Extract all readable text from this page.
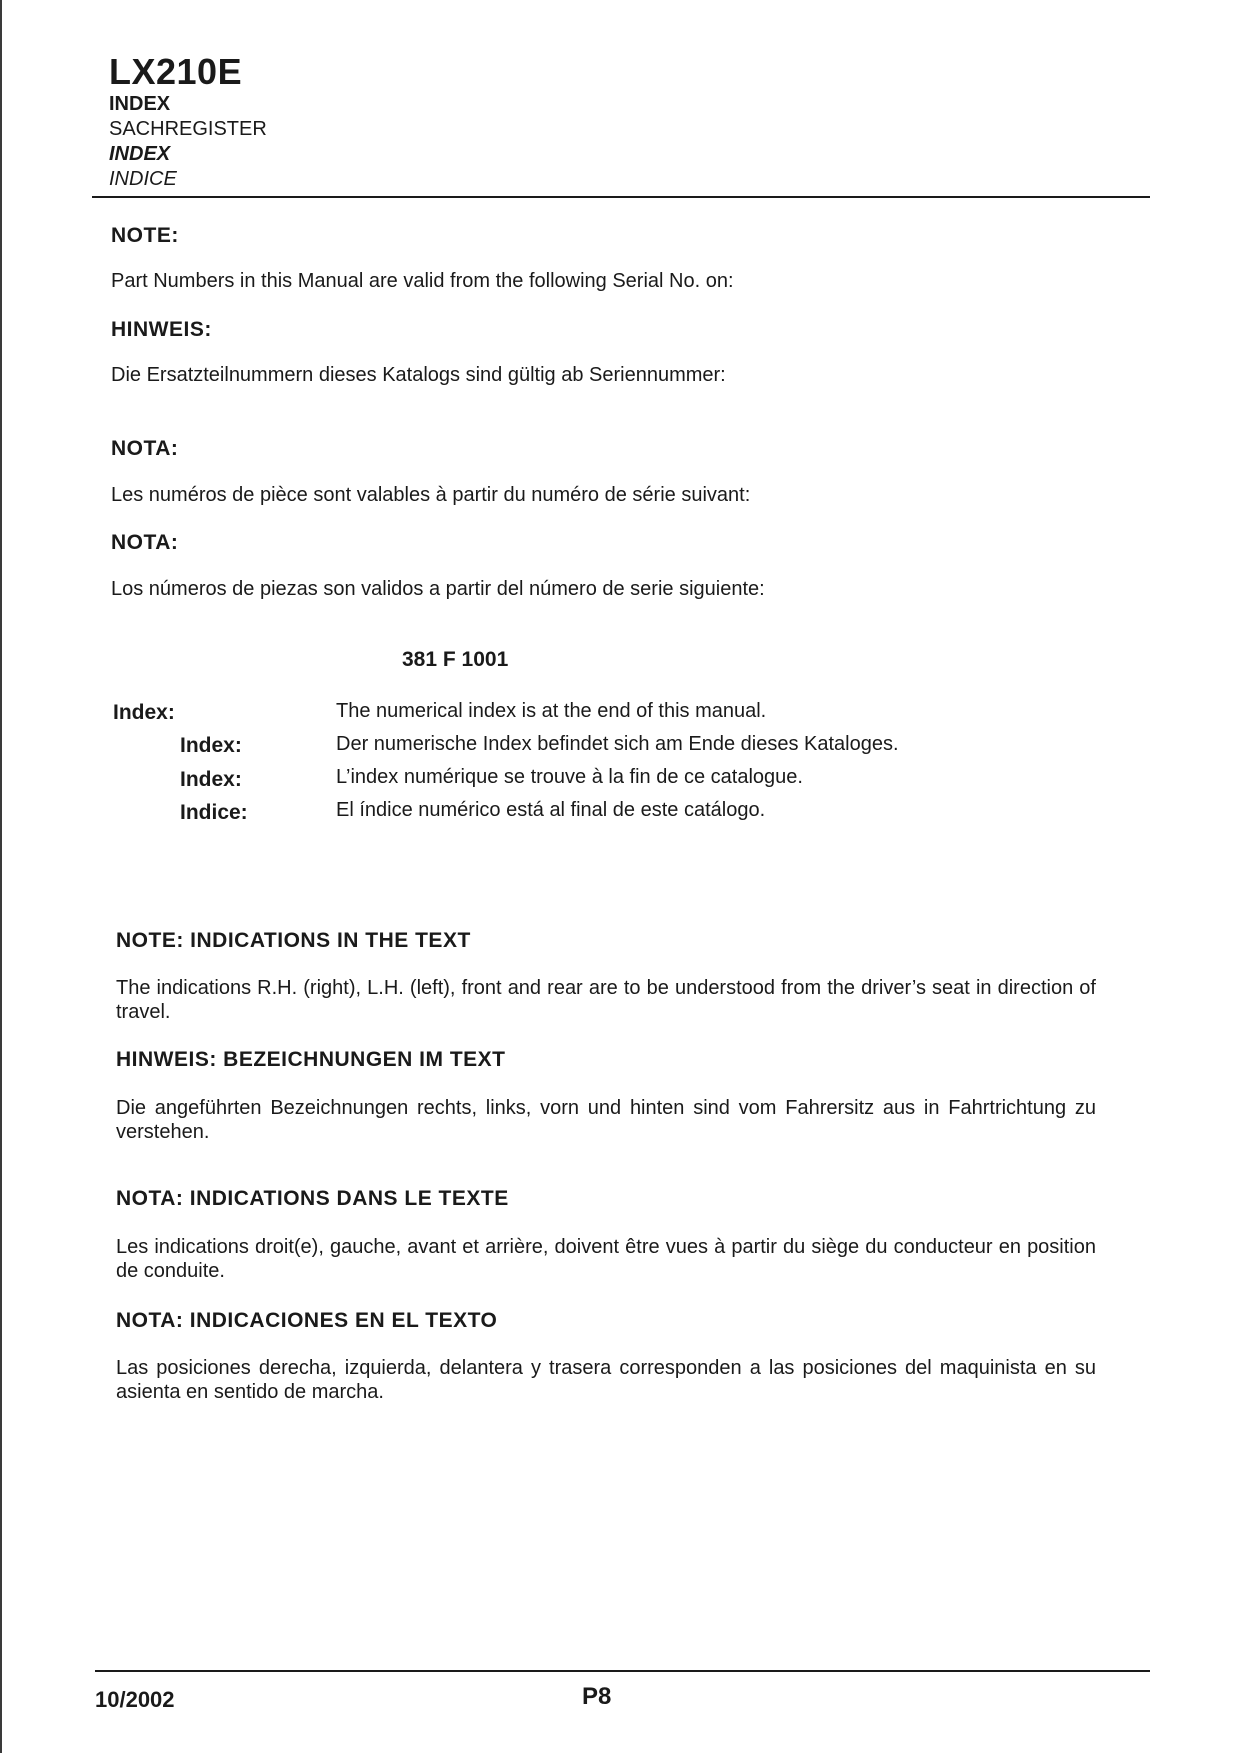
LX210E
INDEX
SACHREGISTER
INDEX
INDICE
NOTE:
Part Numbers in this Manual are valid from the following Serial No. on:
HINWEIS:
Die Ersatzteilnummern dieses Katalogs sind gültig ab Seriennummer:
NOTA:
Les numéros de pièce sont valables à partir du numéro de série suivant:
NOTA:
Los números de piezas son validos a partir del número de serie siguiente:
381 F 1001
Index:	The numerical index is at the end of this manual.
Index:	Der numerische Index befindet sich am Ende dieses Kataloges.
Index:	L’index numérique se trouve à la fin de ce catalogue.
Indice:	El índice numérico está al final de este catálogo.
NOTE: INDICATIONS IN THE TEXT
The indications R.H. (right), L.H. (left), front and rear are to be understood from the driver’s seat in direction of travel.
HINWEIS: BEZEICHNUNGEN IM TEXT
Die angeführten Bezeichnungen rechts, links, vorn und hinten sind vom Fahrersitz aus in Fahrtrichtung zu verstehen.
NOTA: INDICATIONS DANS LE TEXTE
Les indications droit(e), gauche, avant et arrière, doivent être vues à partir du siège du conducteur en position de conduite.
NOTA: INDICACIONES EN EL TEXTO
Las posiciones derecha, izquierda, delantera y trasera corresponden a las posiciones del maquinista en su asienta en sentido de marcha.
10/2002	P8
